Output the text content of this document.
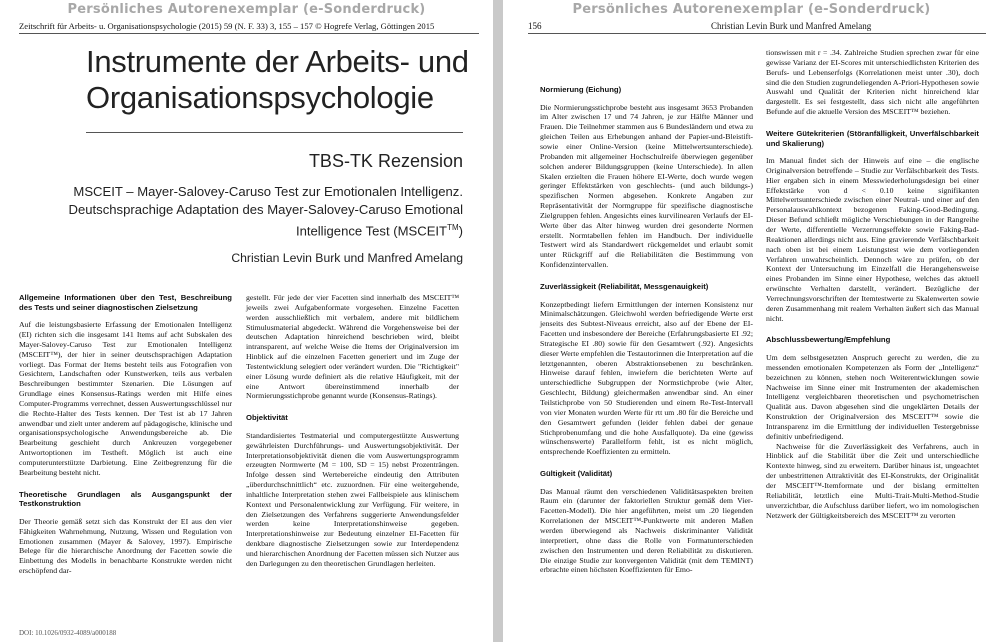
Persönliches Autorenexemplar (e-Sonderdruck)
Zeitschrift für Arbeits- u. Organisationspsychologie (2015) 59 (N. F. 33) 3, 155 – 157 © Hogrefe Verlag, Göttingen 2015
Instrumente der Arbeits- und
Organisationspsychologie
TBS-TK Rezension
MSCEIT – Mayer-Salovey-Caruso Test zur Emotionalen Intelligenz.
Deutschsprachige Adaptation des Mayer-Salovey-Caruso Emotional
Intelligence Test (MSCEIT™)
Christian Levin Burk und Manfred Amelang
Allgemeine Informationen über den Test, Beschreibung des Tests und seiner diagnostischen Zielsetzung

Auf die leistungsbasierte Erfassung der Emotionalen Intelligenz (EI) richten sich die insgesamt 141 Items auf acht Subskalen des Mayer-Salovey-Caruso Test zur Emotionalen Intelligenz (MSCEIT™), der hier in seiner deutschsprachigen Adaptation vorliegt. Das Format der Items besteht teils aus Fotografien von Gesichtern, Landschaften oder Kunstwerken, teils aus verbalen Beschreibungen bestimmter Szenarien. Die Lösungen auf Grundlage eines Konsensus-Ratings werden mit Hilfe eines Computer-Programms verrechnet, dessen Auswertungsschlüssel nur die Rechte-Halter des Tests kennen. Der Test ist ab 17 Jahren anwendbar und zielt unter anderem auf pädagogische, klinische und organisationspsychologische Anwendungsbereiche ab. Die Bearbeitung geschieht durch Ankreuzen vorgegebener Antwortoptionen im Testheft. Möglich ist auch eine computerunterstützte Darbietung. Eine Zeitbegrenzung für die Bearbeitung besteht nicht.

Theoretische Grundlagen als Ausgangspunkt der Testkonstruktion

Der Theorie gemäß setzt sich das Konstrukt der EI aus den vier Fähigkeiten Wahrnehmung, Nutzung, Wissen und Regulation von Emotionen zusammen (Mayer & Salovey, 1997). Empirische Belege für die hierarchische Anordnung der Facetten sowie die Einbettung des Modells in benachbarte Konstrukte werden nicht erschöpfend dar-

gestellt. Für jede der vier Facetten sind innerhalb des MSCEIT™ jeweils zwei Aufgabenformate vorgesehen. Einzelne Facetten werden ausschließlich mit verbalem, andere mit bildlichem Stimulusmaterial abgedeckt. Während die Vorgehensweise bei der deutschen Adaptation hinreichend beschrieben wird, bleibt intransparent, auf welche Weise die Items der Originalversion im Hinblick auf die einzelnen Facetten generiert und im Zuge der Testentwicklung selegiert oder verändert wurden. Die "Richtigkeit" einer Lösung wurde definiert als die relative Häufigkeit, mit der eine Antwort übereinstimmend innerhalb der Normierungsstichprobe genannt wurde (Konsensus-Ratings).

Objektivität

Standardisiertes Testmaterial und computergestützte Auswertung gewährleisten Durchführungs- und Auswertungsobjektivität. Der Interpretationsobjektivität dienen die vom Auswertungsprogramm erzeugten Normwerte (M = 100, SD = 15) nebst Prozenträngen. Infolge dessen sind Wertebereiche eindeutig den Attributen „überdurchschnittlich“ etc. zuzuordnen. Für eine weitergehende, inhaltliche Interpretation stehen zwei Fallbeispiele aus klinischem Kontext und Personalentwicklung zur Verfügung. Für weitere, in den Zielsetzungen des Verfahrens suggerierte Anwendungsfelder werden keine Interpretationshinweise gegeben. Interpretationshinweise zur Bedeutung einzelner EI-Facetten für denkbare diagnostische Zielsetzungen sowie zur Interdependenz und hierarchischen Anordnung der Facetten müssen sich Nutzer aus den Darlegungen zu den theoretischen Grundlagen herleiten.

DOI: 10.1026/0932-4089/a000188
Persönliches Autorenexemplar (e-Sonderdruck)
156	Christian Levin Burk und Manfred Amelang
Normierung (Eichung)

Die Normierungsstichprobe besteht aus insgesamt 3653 Probanden im Alter zwischen 17 und 74 Jahren, je zur Hälfte Männer und Frauen. Die Teilnehmer stammen aus 6 Bundesländern und etwa zu gleichen Teilen aus Erhebungen anhand der Papier-und-Bleistift- sowie einer Online-Version (keine Mittelwertsunterschiede). Probanden mit allgemeiner Hochschulreife überwiegen gegenüber solchen anderer Bildungsgruppen (keine Unterschiede). In allen Skalen erzielten die Frauen höhere EI-Werte, doch wurde wegen geringer Effektstärken von geschlechts- (und auch bildungs-) spezifischen Normen abgesehen. Konkrete Angaben zur Repräsentativität der Normgruppe für spezifische diagnostische Zielgruppen fehlen. Angesichts eines kurvilinearen Verlaufs der EI-Werte über das Alter hinweg wurden drei gesonderte Normen erstellt. Normtabellen fehlen im Handbuch. Der individuelle Testwert wird als Standardwert rückgemeldet und erlaubt somit unter Rückgriff auf die Reliabilitäten die Bestimmung von Konfidenzintervallen.

Zuverlässigkeit (Reliabilität, Messgenauigkeit)

Konzeptbedingt liefern Ermittlungen der internen Konsistenz nur Minimalschätzungen. Gleichwohl werden befriedigende Werte erst jenseits des Subtest-Niveaus erreicht, also auf der Ebene der EI-Facetten und insbesondere der Bereiche (Erfahrungsbasierte EI .92; Strategische EI .80) sowie für den Gesamtwert (.92). Angesichts dieser Werte empfehlen die Testautorinnen die Interpretation auf die letztgenannten, oberen Abstraktionsebenen zu beschränken. Hinweise darauf fehlen, inwiefern die berichteten Werte auf unterschiedliche Subgruppen der Normstichprobe (wie Alter, Geschlecht, Bildung) gleichermaßen anwendbar sind. An einer Teilstichprobe von 50 Studierenden und einem Re-Test-Intervall von vier Monaten wurden Werte für rtt um .80 für die Bereiche und den Gesamtwert gefunden (leider fehlen dabei der genaue Stichprobenumfang und die hohe Ausfallquote). Da eine (gewiss wünschenswerte) Parallelform fehlt, ist es nicht möglich, entsprechende Koeffizienten zu ermitteln.

Gültigkeit (Validität)

Das Manual räumt den verschiedenen Validitätsaspekten breiten Raum ein (darunter der faktoriellen Struktur gemäß dem Vier-Facetten-Modell). Die hier angeführten, meist um .20 liegenden Korrelationen der MSCEIT™-Punktwerte mit anderen Maßen werden überwiegend als Nachweis diskriminanter Validität interpretiert, ohne dass die Rolle von Formatunterschieden zwischen den Instrumenten und deren Reliabilität zu diskutieren. Die einzige Studie zur konvergenten Validität (mit dem TEMINT) erbrachte einen höchsten Koeffizienten für Emo-

tionswissen mit r = .34. Zahlreiche Studien sprechen zwar für eine gewisse Varianz der EI-Scores mit unterschiedlichsten Kriterien des Berufs- und Lebenserfolgs (Korrelationen meist unter .30), doch sind die den Studien zugrundeliegenden A-Priori-Hypothesen sowie Auswahl und Qualität der Kriterien nicht hinreichend klar dargestellt. Es sei festgestellt, dass sich nicht alle angeführten Befunde auf die aktuelle Version des MSCEIT™ beziehen.

Weitere Gütekriterien (Störanfälligkeit, Unverfälschbarkeit und Skalierung)

Im Manual findet sich der Hinweis auf eine – die englische Originalversion betreffende – Studie zur Verfälschbarkeit des Tests. Hier ergaben sich in einem Messwiederholungsdesign bei einer Effektstärke von d < 0.10 keine signifikanten Mittelwertsunterschiede zwischen einer Neutral- und einer auf den Personalauswahlkontext bezogenen Faking-Good-Bedingung. Dieser Befund schließt mögliche Verschiebungen in der Rangreihe der Werte, differentielle Verzerrungseffekte sowie Faking-Bad-Reaktionen allerdings nicht aus. Eine gravierende Verfälschbarkeit nach oben ist bei einem Leistungstest wie dem vorliegenden Verfahren unwahrscheinlich. Dennoch wäre zu prüfen, ob der Kontext der Untersuchung im Einzelfall die Herangehensweise eines Probanden im Sinne einer Hypothese, welches das aktuell erwünschte Verhalten darstellt, verändert. Bezügliche der Verrechnungsvorschriften der Itemtestwerte zu Skalenwerten sowie deren Zusammenhang mit realem Verhalten äußert sich das Manual nicht.

Abschlussbewertung/Empfehlung

Um dem selbstgesetzten Anspruch gerecht zu werden, die zu messenden emotionalen Kompetenzen als Form der „Intelligenz“ bezeichnen zu können, stehen noch Weiterentwicklungen sowie Nachweise im Sinne einer mit Instrumenten der akademischen Intelligenz vergleichbaren theoretischen und psychometrischen Qualität aus. Davon abgesehen sind die ungeklärten Details der Konstruktion der Originalversion des MSCEIT™ sowie die Intransparenz im die Ermittlung der individuellen Testergebnisse definitiv unbefriedigend.

Nachweise für die Zuverlässigkeit des Verfahrens, auch in Hinblick auf die Stabilität über die Zeit und unterschiedliche Kontexte hinweg, sind zu erweitern. Darüber hinaus ist, ungeachtet der unbestrittenen Attraktivität des EI-Konstrukts, der Originalität der MSCEIT™-Itemformate und der bislang ermittelten Reliabilität, letztlich eine Multi-Trait-Multi-Method-Studie unverzichtbar, die Aufschluss darüber liefert, wo im nomologischen Netzwerk der Gültigkeitsbereich des MSCEIT™ zu verorten
